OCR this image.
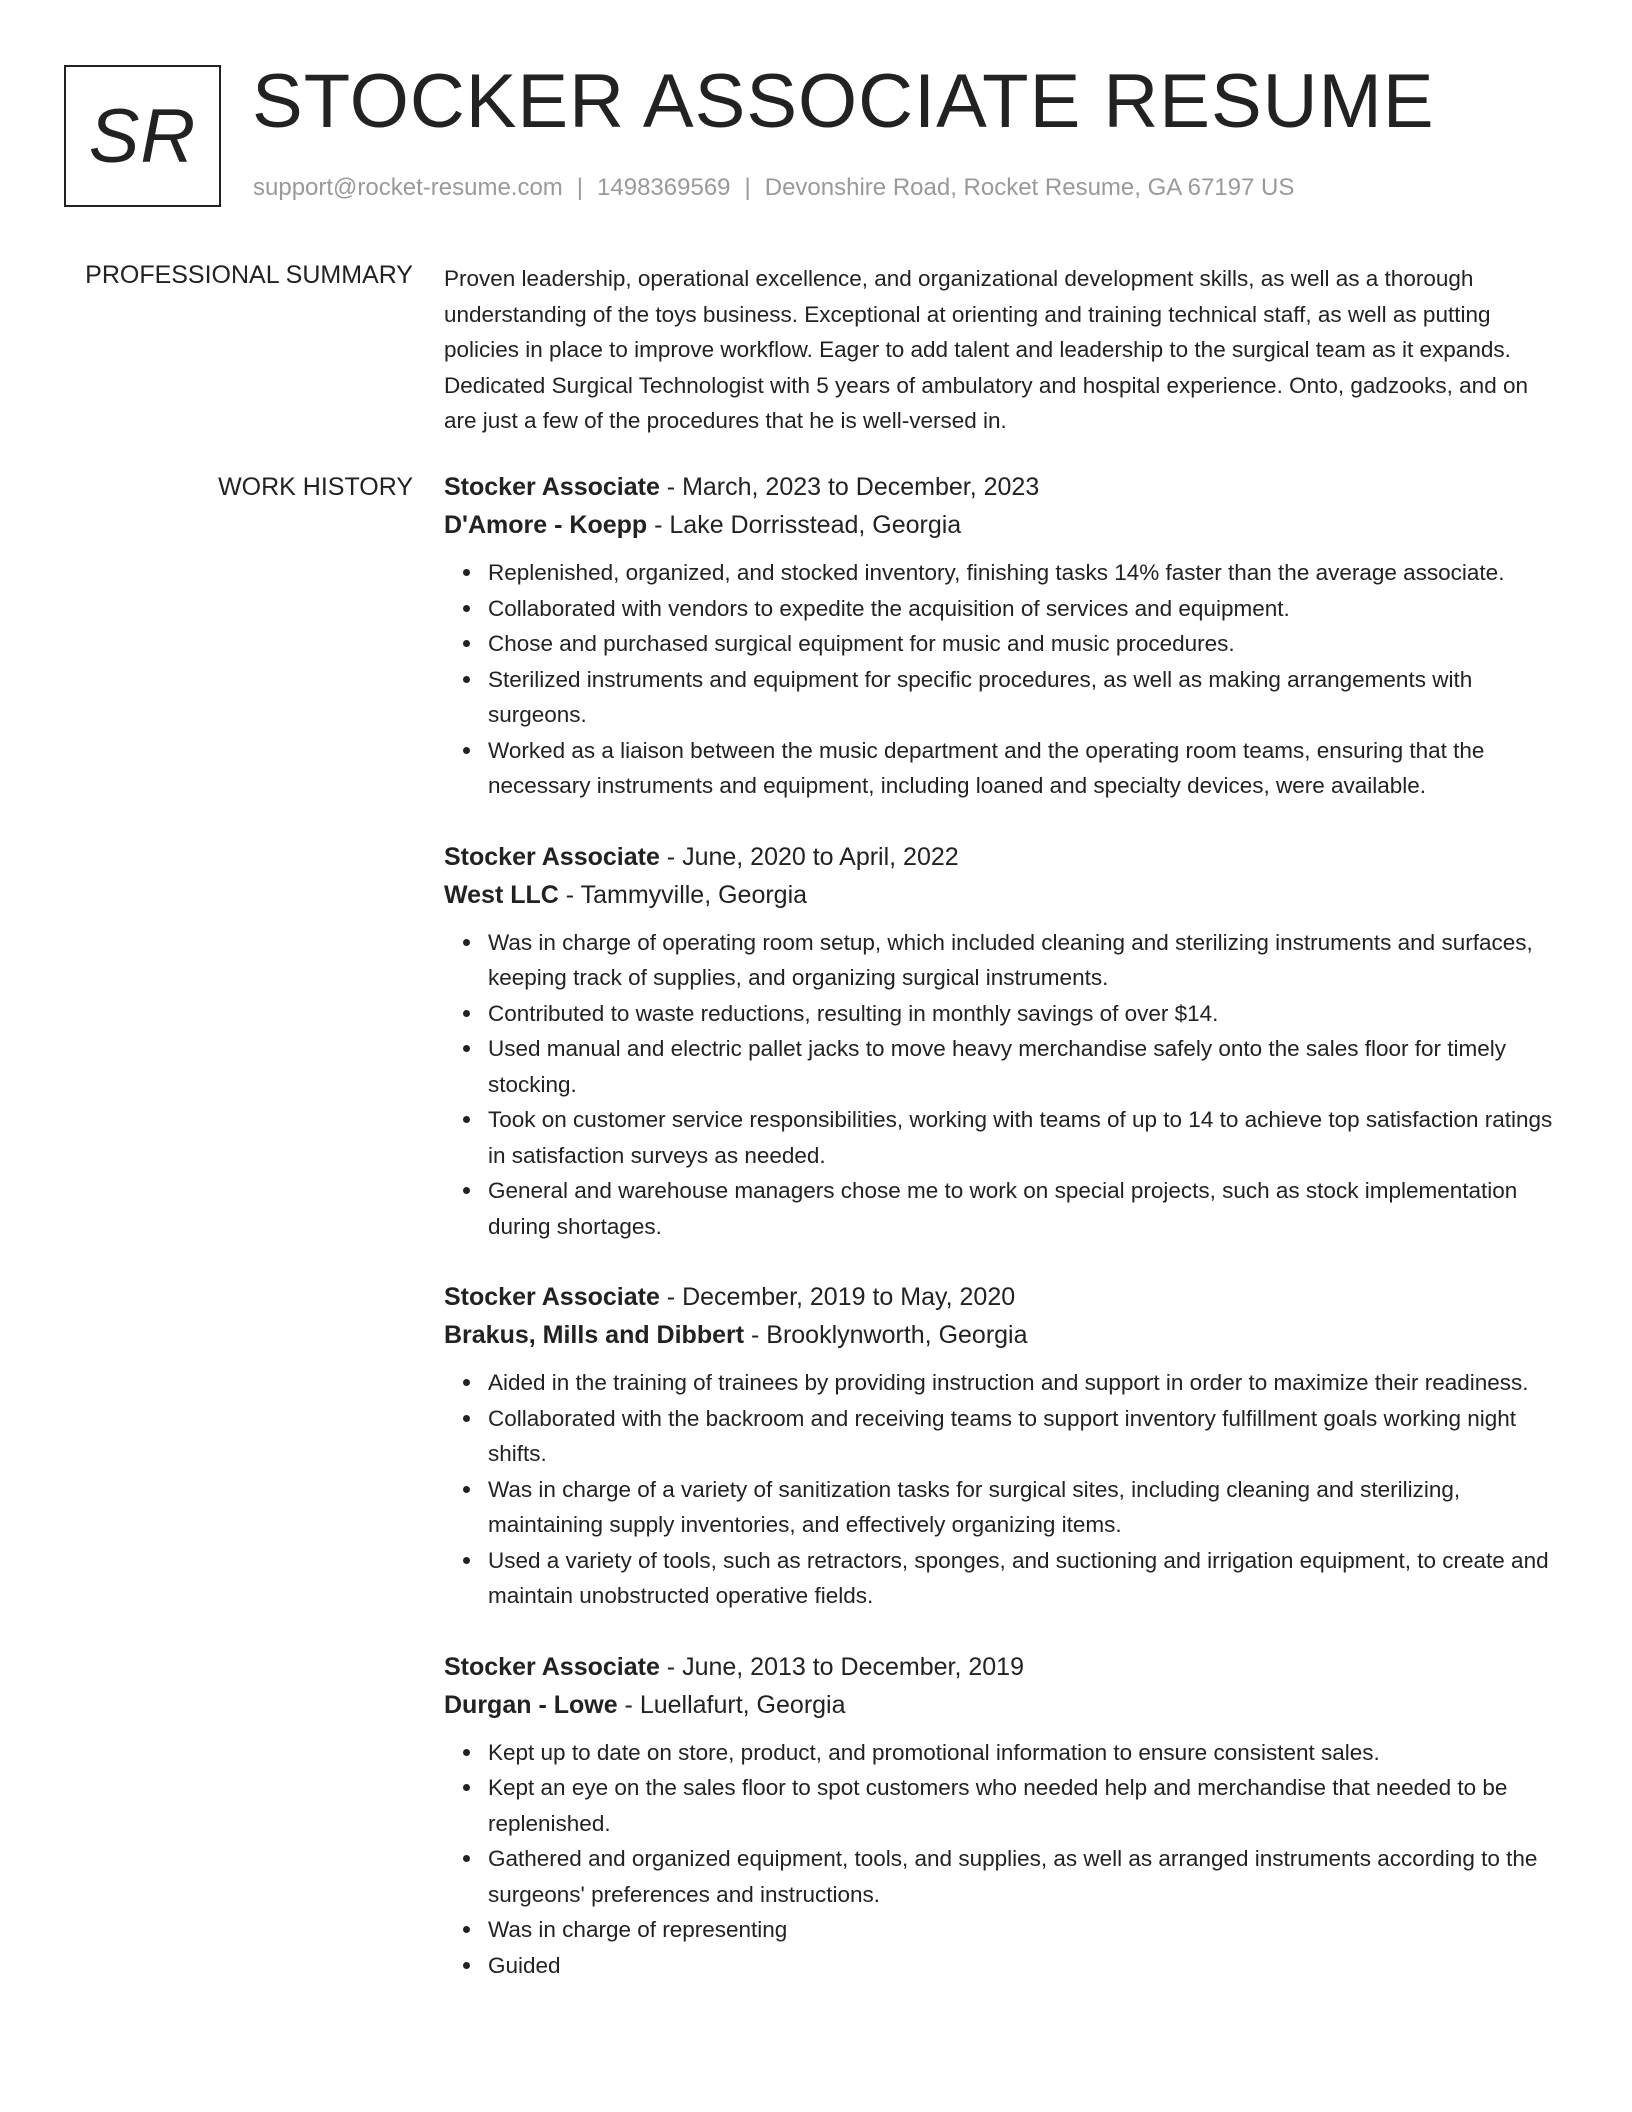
SR STOCKER ASSOCIATE RESUME
support@rocket-resume.com | 1498369569 | Devonshire Road, Rocket Resume, GA 67197 US
PROFESSIONAL SUMMARY Proven leadership, operational excellence, and organizational development skills, as well as a thorough understanding of the toys business. Exceptional at orienting and training technical staff, as well as putting policies in place to improve workflow. Eager to add talent and leadership to the surgical team as it expands. Dedicated Surgical Technologist with 5 years of ambulatory and hospital experience. Onto, gadzooks, and on are just a few of the procedures that he is well-versed in.

WORK HISTORY Stocker Associate - March, 2023 to December, 2023
D'Amore - Koepp - Lake Dorrisstead, Georgia
Replenished, organized, and stocked inventory, finishing tasks 14% faster than the average associate.
Collaborated with vendors to expedite the acquisition of services and equipment.
Chose and purchased surgical equipment for music and music procedures.
Sterilized instruments and equipment for specific procedures, as well as making arrangements with surgeons.
Worked as a liaison between the music department and the operating room teams, ensuring that the necessary instruments and equipment, including loaned and specialty devices, were available.
Stocker Associate - June, 2020 to April, 2022
West LLC - Tammyville, Georgia
Was in charge of operating room setup, which included cleaning and sterilizing instruments and surfaces, keeping track of supplies, and organizing surgical instruments.
Contributed to waste reductions, resulting in monthly savings of over $14.
Used manual and electric pallet jacks to move heavy merchandise safely onto the sales floor for timely stocking.
Took on customer service responsibilities, working with teams of up to 14 to achieve top satisfaction ratings in satisfaction surveys as needed.
General and warehouse managers chose me to work on special projects, such as stock implementation during shortages.
Stocker Associate - December, 2019 to May, 2020
Brakus, Mills and Dibbert - Brooklynworth, Georgia
Aided in the training of trainees by providing instruction and support in order to maximize their readiness.
Collaborated with the backroom and receiving teams to support inventory fulfillment goals working night shifts.
Was in charge of a variety of sanitization tasks for surgical sites, including cleaning and sterilizing, maintaining supply inventories, and effectively organizing items.
Used a variety of tools, such as retractors, sponges, and suctioning and irrigation equipment, to create and maintain unobstructed operative fields.
Stocker Associate - June, 2013 to December, 2019
Durgan - Lowe - Luellafurt, Georgia
Kept up to date on store, product, and promotional information to ensure consistent sales.
Kept an eye on the sales floor to spot customers who needed help and merchandise that needed to be replenished.
Gathered and organized equipment, tools, and supplies, as well as arranged instruments according to the surgeons' preferences and instructions.
Was in charge of representing
Guided
